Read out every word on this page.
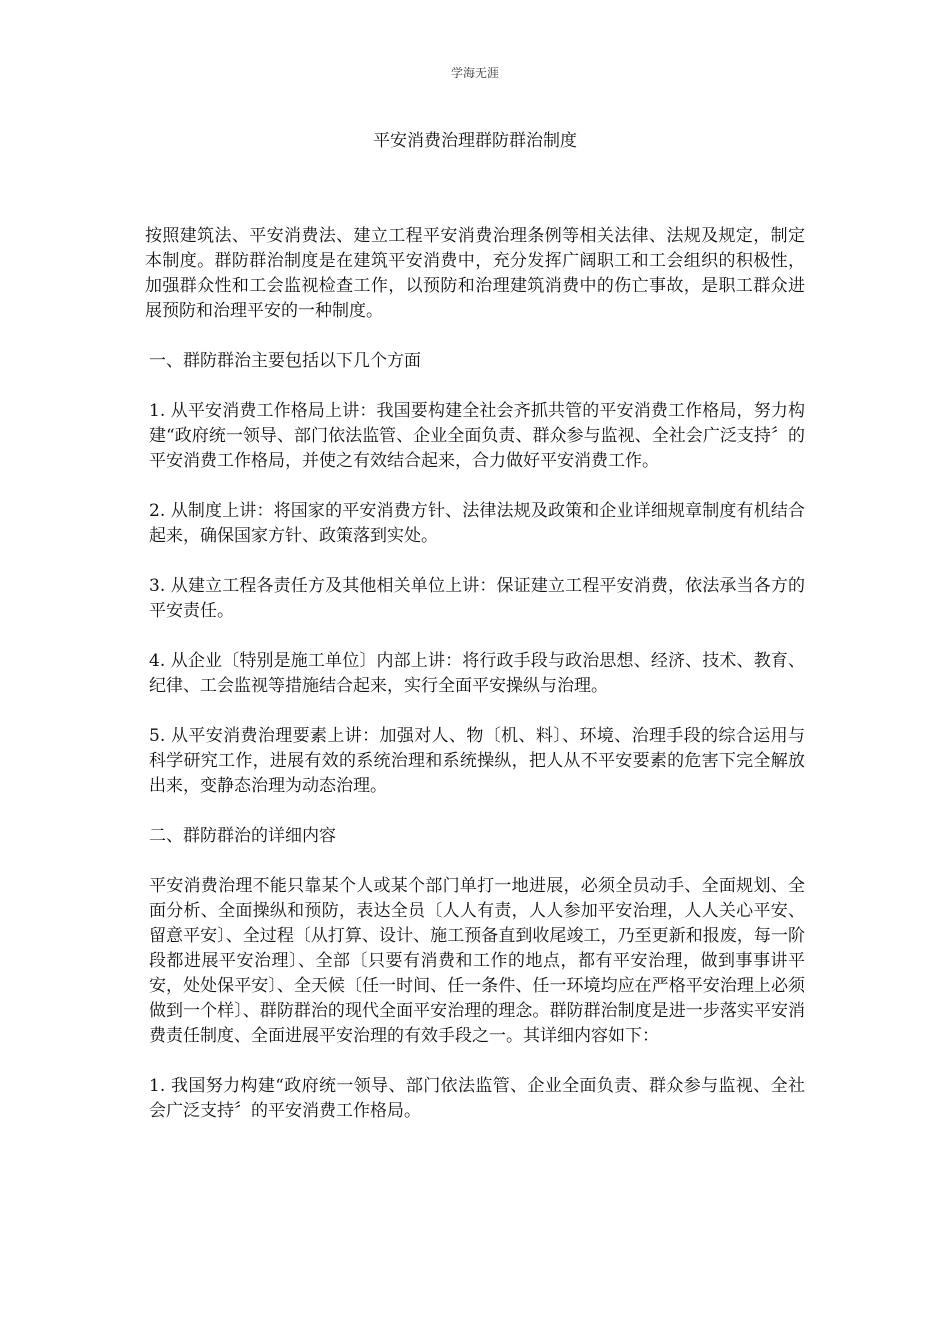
学海无涯
平安消费治理群防群治制度

按照建筑法、平安消费法、建立工程平安消费治理条例等相关法律、法规及规定，制定本制度。群防群治制度是在建筑平安消费中，充分发挥广阔职工和工会组织的积极性，加强群众性和工会监视检查工作，以预防和治理建筑消费中的伤亡事故，是职工群众进展预防和治理平安的一种制度。

一、群防群治主要包括以下几个方面

1. 从平安消费工作格局上讲：我国要构建全社会齐抓共管的平安消费工作格局，努力构建“政府统一领导、部门依法监管、企业全面负责、群众参与监视、全社会广泛支持〞的平安消费工作格局，并使之有效结合起来，合力做好平安消费工作。

2. 从制度上讲：将国家的平安消费方针、法律法规及政策和企业详细规章制度有机结合起来，确保国家方针、政策落到实处。

3. 从建立工程各责任方及其他相关单位上讲：保证建立工程平安消费，依法承当各方的平安责任。

4. 从企业〔特别是施工单位〕内部上讲：将行政手段与政治思想、经济、技术、教育、纪律、工会监视等措施结合起来，实行全面平安操纵与治理。

5. 从平安消费治理要素上讲：加强对人、物〔机、料〕、环境、治理手段的综合运用与科学研究工作，进展有效的系统治理和系统操纵，把人从不平安要素的危害下完全解放出来，变静态治理为动态治理。

二、群防群治的详细内容

平安消费治理不能只靠某个人或某个部门单打一地进展，必须全员动手、全面规划、全面分析、全面操纵和预防，表达全员〔人人有责，人人参加平安治理，人人关心平安、留意平安〕、全过程〔从打算、设计、施工预备直到收尾竣工，乃至更新和报废，每一阶段都进展平安治理〕、全部〔只要有消费和工作的地点，都有平安治理，做到事事讲平安，处处保平安〕、全天候〔任一时间、任一条件、任一环境均应在严格平安治理上必须做到一个样〕、群防群治的现代全面平安治理的理念。群防群治制度是进一步落实平安消费责任制度、全面进展平安治理的有效手段之一。其详细内容如下：

1. 我国努力构建“政府统一领导、部门依法监管、企业全面负责、群众参与监视、全社会广泛支持〞的平安消费工作格局。
